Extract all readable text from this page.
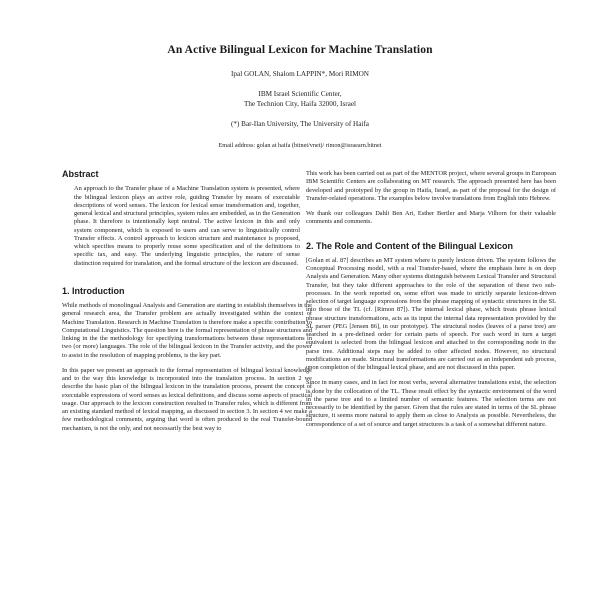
An Active Bilingual Lexicon for Machine Translation
Ipal GOLAN, Shalom LAPPIN*, Mori RIMON
IBM Israel Scientific Center,
The Technion City, Haifa 32000, Israel
(*) Bar-Ilan University, The University of Haifa
Email address: golan at haifa (bitnet/vnet)/ rimon@israearn.bitnet
Abstract
An approach to the Transfer phase of a Machine Translation system is presented, where the bilingual lexicon plays an active role, guiding Transfer by means of executable descriptions of word senses. The lexicon for lexical sense transformation and, together, general lexical and structural principles, system rules are embedded, as in the Generation phase. It therefore is intentionally kept neutral. The active lexicon in this and only system component, which is exposed to users and can serve to linguistically control Transfer effects. A control approach to lexicon structure and maintenance is proposed, which specifies means to properly reuse some specification and of the definitions to specific tax, and easy. The underlying linguistic principles, the nature of sense distinction required for translation, and the formal structure of the lexicon are discussed.
1. Introduction
While methods of monolingual Analysis and Generation are starting to establish themselves in the general research area, the Transfer problem are actually investigated within the context of Machine Translation. Research in Machine Translation is therefore make a specific contribution to Computational Linguistics. The question here is the formal representation of phrase structures and linking in the the methodology for specifying transformations between these representations in two (or more) languages. The role of the bilingual lexicon in the Transfer activity, and the power to assist in the resolution of mapping problems, is the key part.
In this paper we present an approach to the formal representation of bilingual lexical knowledge and to the way this knowledge is incorporated into the translation process. In section 2 we describe the basic plan of the bilingual lexicon in the translation process, present the concept of executable expressions of word senses as lexical definitions, and discuss some aspects of practical usage. Our approach to the lexicon construction resulted in Transfer rules, which is different from an existing standard method of lexical mapping, as discussed in section 3. In section 4 we make a few methodological comments, arguing that word is often produced to the real Transfer-bound mechanism, is not the only, and not necessarily the best way to
This work has been carried out as part of the MENTOR project, where several groups in European IBM Scientific Centers are collaborating on MT research. The approach presented here has been developed and prototyped by the group in Haifa, Israel, as part of the proposal for the design of Transfer-related operations. The examples below involve translations from English into Hebrew.
We thank our colleagues Dahli Ben Ari, Esther Bertler and Marja Vilhorn for their valuable comments and comments.
2. The Role and Content of the Bilingual Lexicon
[Golan et al. 87] describes an MT system where is purely lexicon driven. The system follows the Conceptual Processing model, with a real Transfer-based, where the emphasis here is on deep Analysis and Generation. Many other systems distinguish between Lexical Transfer and Structural Transfer, but they take different approaches to the role of the separation of these two sub-processes. In the work reported on, some effort was made to strictly separate lexicon-driven selection of target language expressions from the phrase mapping of syntactic structures in the SL into those of the TL (cf. [Rimon 87]). The internal lexical phase, which treats phrase lexical phrase structure transformations, acts as its input the internal data representation provided by the SL parser (PEG [Jensen 86], in our prototype). The structural nodes (leaves of a parse tree) are searched in a pre-defined order for certain parts of speech. For each word in turn a target equivalent is selected from the bilingual lexicon and attached to the corresponding node in the parse tree. Additional steps may be added to other affected nodes. However, no structural modifications are made. Structural transformations are carried out as an independent sub process, upon completion of the bilingual lexical phase, and are not discussed in this paper.
Since in many cases, and in fact for most verbs, several alternative translations exist, the selection is done by the collocation of the TL. These result effect by the syntactic environment of the word in the parse tree and to a limited number of semantic features. The selection terms are not necessarily to be identified by the parser. Given that the rules are stated in terms of the SL phrase structure, it seems more natural to apply them as close to Analysis as possible. Nevertheless, the correspondence of a set of source and target structures is a task of a somewhat different nature.
